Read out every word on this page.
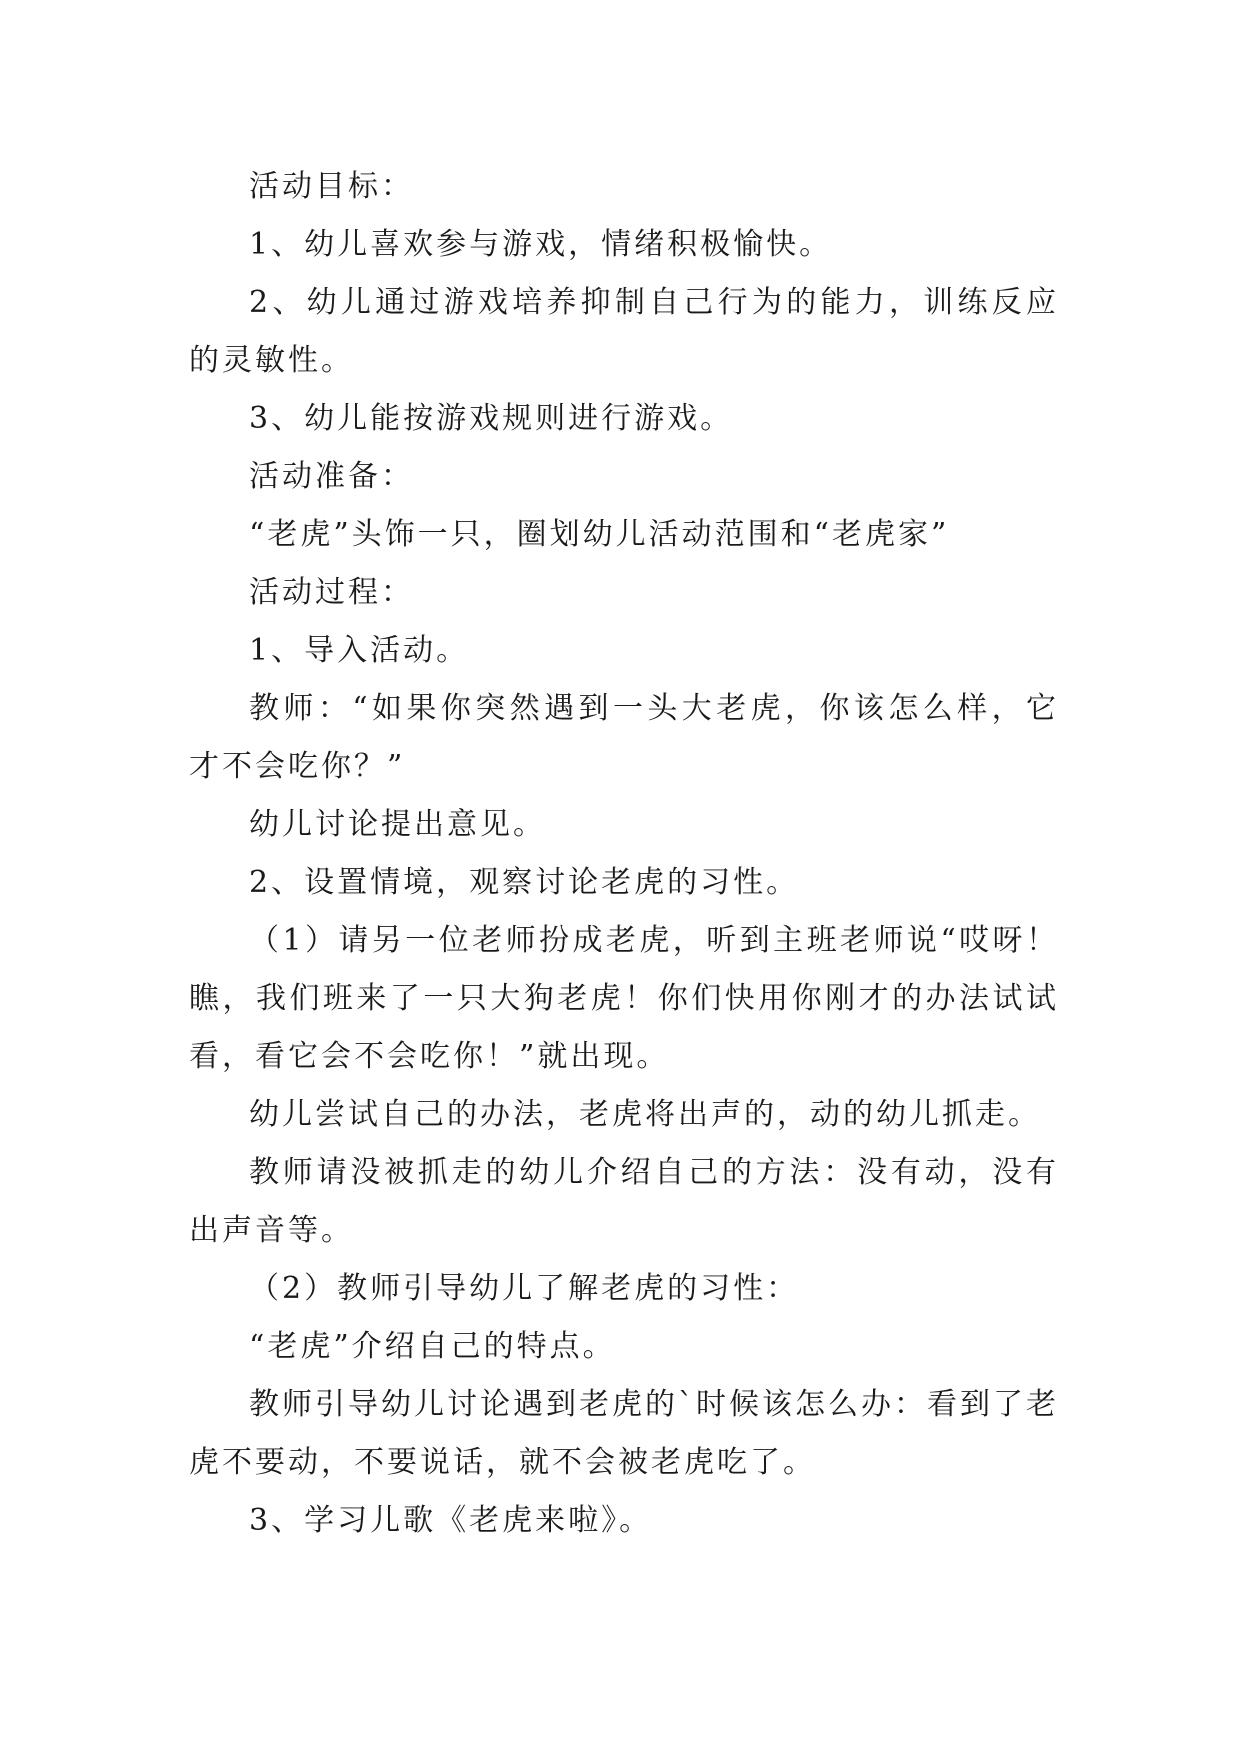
活动目标：

1、幼儿喜欢参与游戏，情绪积极愉快。

2、幼儿通过游戏培养抑制自己行为的能力，训练反应的灵敏性。

3、幼儿能按游戏规则进行游戏。

活动准备：

“老虎”头饰一只，圈划幼儿活动范围和“老虎家”

活动过程：

1、导入活动。

教师：“如果你突然遇到一头大老虎，你该怎么样，它才不会吃你？”

幼儿讨论提出意见。

2、设置情境，观察讨论老虎的习性。

（1）请另一位老师扮成老虎，听到主班老师说“哎呀！瞧，我们班来了一只大狗老虎！你们快用你刚才的办法试试看，看它会不会吃你！”就出现。

幼儿尝试自己的办法，老虎将出声的，动的幼儿抓走。

教师请没被抓走的幼儿介绍自己的方法：没有动，没有出声音等。

（2）教师引导幼儿了解老虎的习性：

“老虎”介绍自己的特点。

教师引导幼儿讨论遇到老虎的`时候该怎么办：看到了老虎不要动，不要说话，就不会被老虎吃了。

3、学习儿歌《老虎来啦》。
